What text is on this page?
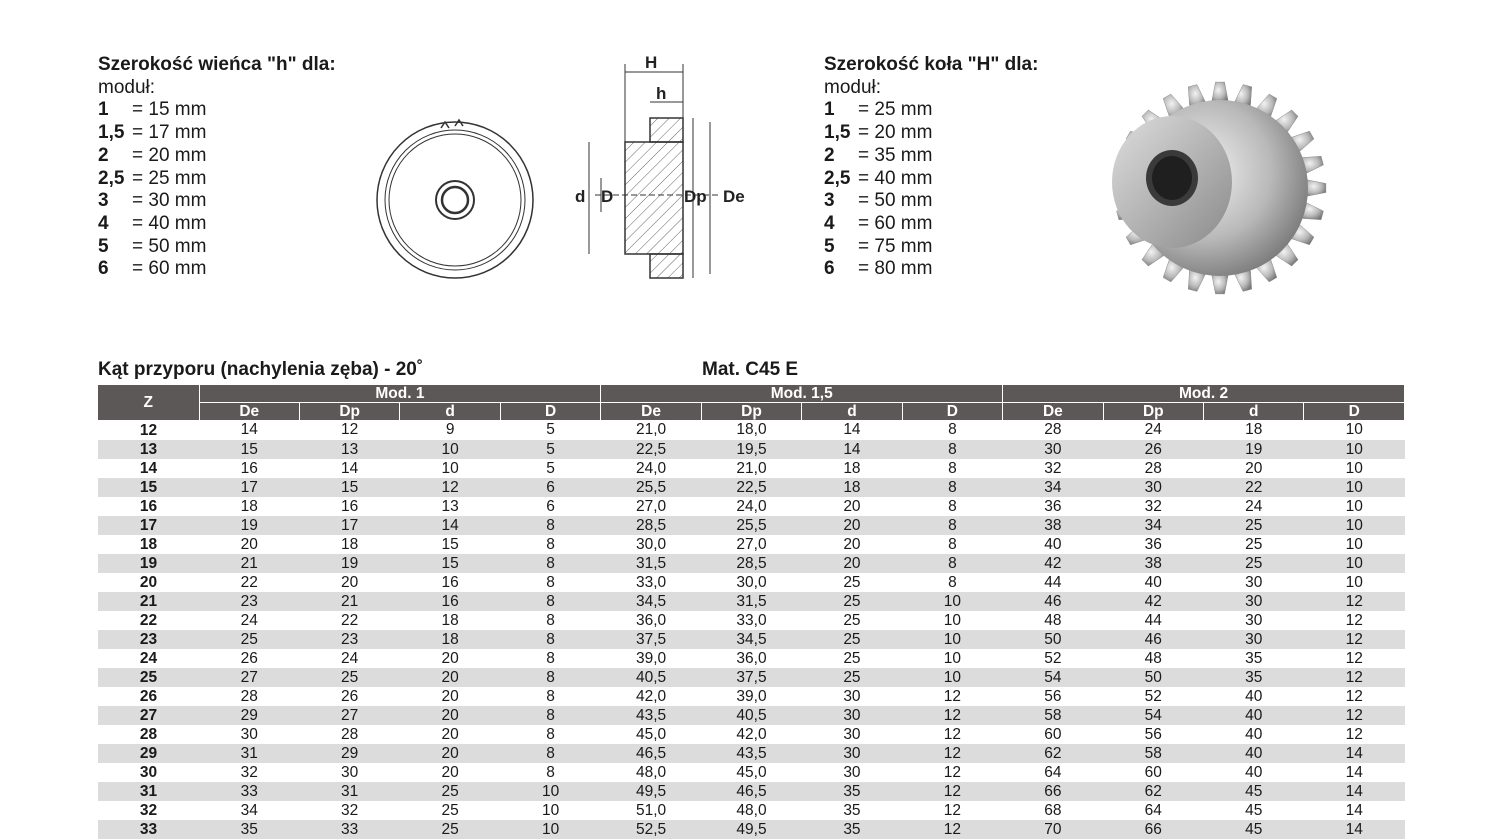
Szerokość wieńca "h" dla:
moduł:
1	= 15 mm
1,5 = 17 mm
2	= 20 mm
2,5 = 25 mm
3	= 30 mm
4	= 40 mm
5	= 50 mm
6	= 60 mm
H
h
d D	Dp De
Szerokość koła "H" dla:
moduł:
1	= 25 mm
1,5 = 20 mm
2	= 35 mm
2,5 = 40 mm
3	= 50 mm
4	= 60 mm
5	= 75 mm
6	= 80 mm
Kąt przyporu (nachylenia zęba) - 20˚	Mat. C45 E
Z	Mod. 1				Mod. 1,5				Mod. 2			
	De	Dp	d	D	De	Dp	d	D	De	Dp	d	D
12	14	12	9	5	21,0	18,0	14	8	28	24	18	10
13	15	13	10	5	22,5	19,5	14	8	30	26	19	10
14	16	14	10	5	24,0	21,0	18	8	32	28	20	10
15	17	15	12	6	25,5	22,5	18	8	34	30	22	10
16	18	16	13	6	27,0	24,0	20	8	36	32	24	10
17	19	17	14	8	28,5	25,5	20	8	38	34	25	10
18	20	18	15	8	30,0	27,0	20	8	40	36	25	10
19	21	19	15	8	31,5	28,5	20	8	42	38	25	10
20	22	20	16	8	33,0	30,0	25	8	44	40	30	10
21	23	21	16	8	34,5	31,5	25	10	46	42	30	12
22	24	22	18	8	36,0	33,0	25	10	48	44	30	12
23	25	23	18	8	37,5	34,5	25	10	50	46	30	12
24	26	24	20	8	39,0	36,0	25	10	52	48	35	12
25	27	25	20	8	40,5	37,5	25	10	54	50	35	12
26	28	26	20	8	42,0	39,0	30	12	56	52	40	12
27	29	27	20	8	43,5	40,5	30	12	58	54	40	12
28	30	28	20	8	45,0	42,0	30	12	60	56	40	12
29	31	29	20	8	46,5	43,5	30	12	62	58	40	14
30	32	30	20	8	48,0	45,0	30	12	64	60	40	14
31	33	31	25	10	49,5	46,5	35	12	66	62	45	14
32	34	32	25	10	51,0	48,0	35	12	68	64	45	14
33	35	33	25	10	52,5	49,5	35	12	70	66	45	14
